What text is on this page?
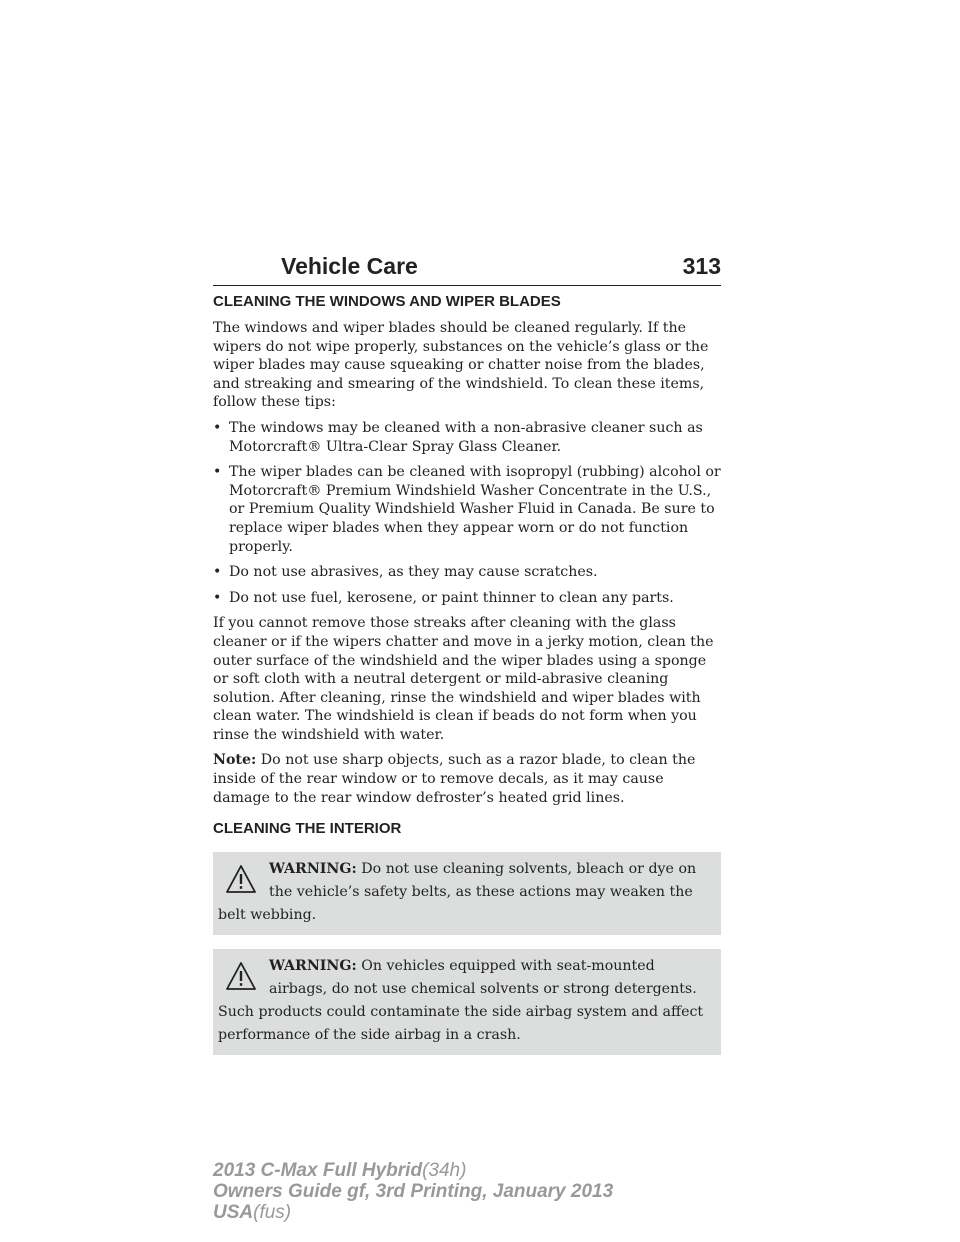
Vehicle Care	313
CLEANING THE WINDOWS AND WIPER BLADES

The windows and wiper blades should be cleaned regularly. If the wipers do not wipe properly, substances on the vehicle’s glass or the wiper blades may cause squeaking or chatter noise from the blades, and streaking and smearing of the windshield. To clean these items, follow these tips:

• The windows may be cleaned with a non-abrasive cleaner such as Motorcraft® Ultra-Clear Spray Glass Cleaner.
• The wiper blades can be cleaned with isopropyl (rubbing) alcohol or Motorcraft® Premium Windshield Washer Concentrate in the U.S., or Premium Quality Windshield Washer Fluid in Canada. Be sure to replace wiper blades when they appear worn or do not function properly.
• Do not use abrasives, as they may cause scratches.
• Do not use fuel, kerosene, or paint thinner to clean any parts.

If you cannot remove those streaks after cleaning with the glass cleaner or if the wipers chatter and move in a jerky motion, clean the outer surface of the windshield and the wiper blades using a sponge or soft cloth with a neutral detergent or mild-abrasive cleaning solution. After cleaning, rinse the windshield and wiper blades with clean water. The windshield is clean if beads do not form when you rinse the windshield with water.

Note: Do not use sharp objects, such as a razor blade, to clean the inside of the rear window or to remove decals, as it may cause damage to the rear window defroster’s heated grid lines.

CLEANING THE INTERIOR
WARNING: Do not use cleaning solvents, bleach or dye on the vehicle’s safety belts, as these actions may weaken the belt webbing.
WARNING: On vehicles equipped with seat-mounted airbags, do not use chemical solvents or strong detergents. Such products could contaminate the side airbag system and affect performance of the side airbag in a crash.
2013 C-Max Full Hybrid(34h)
Owners Guide gf, 3rd Printing, January 2013
USA(fus)
